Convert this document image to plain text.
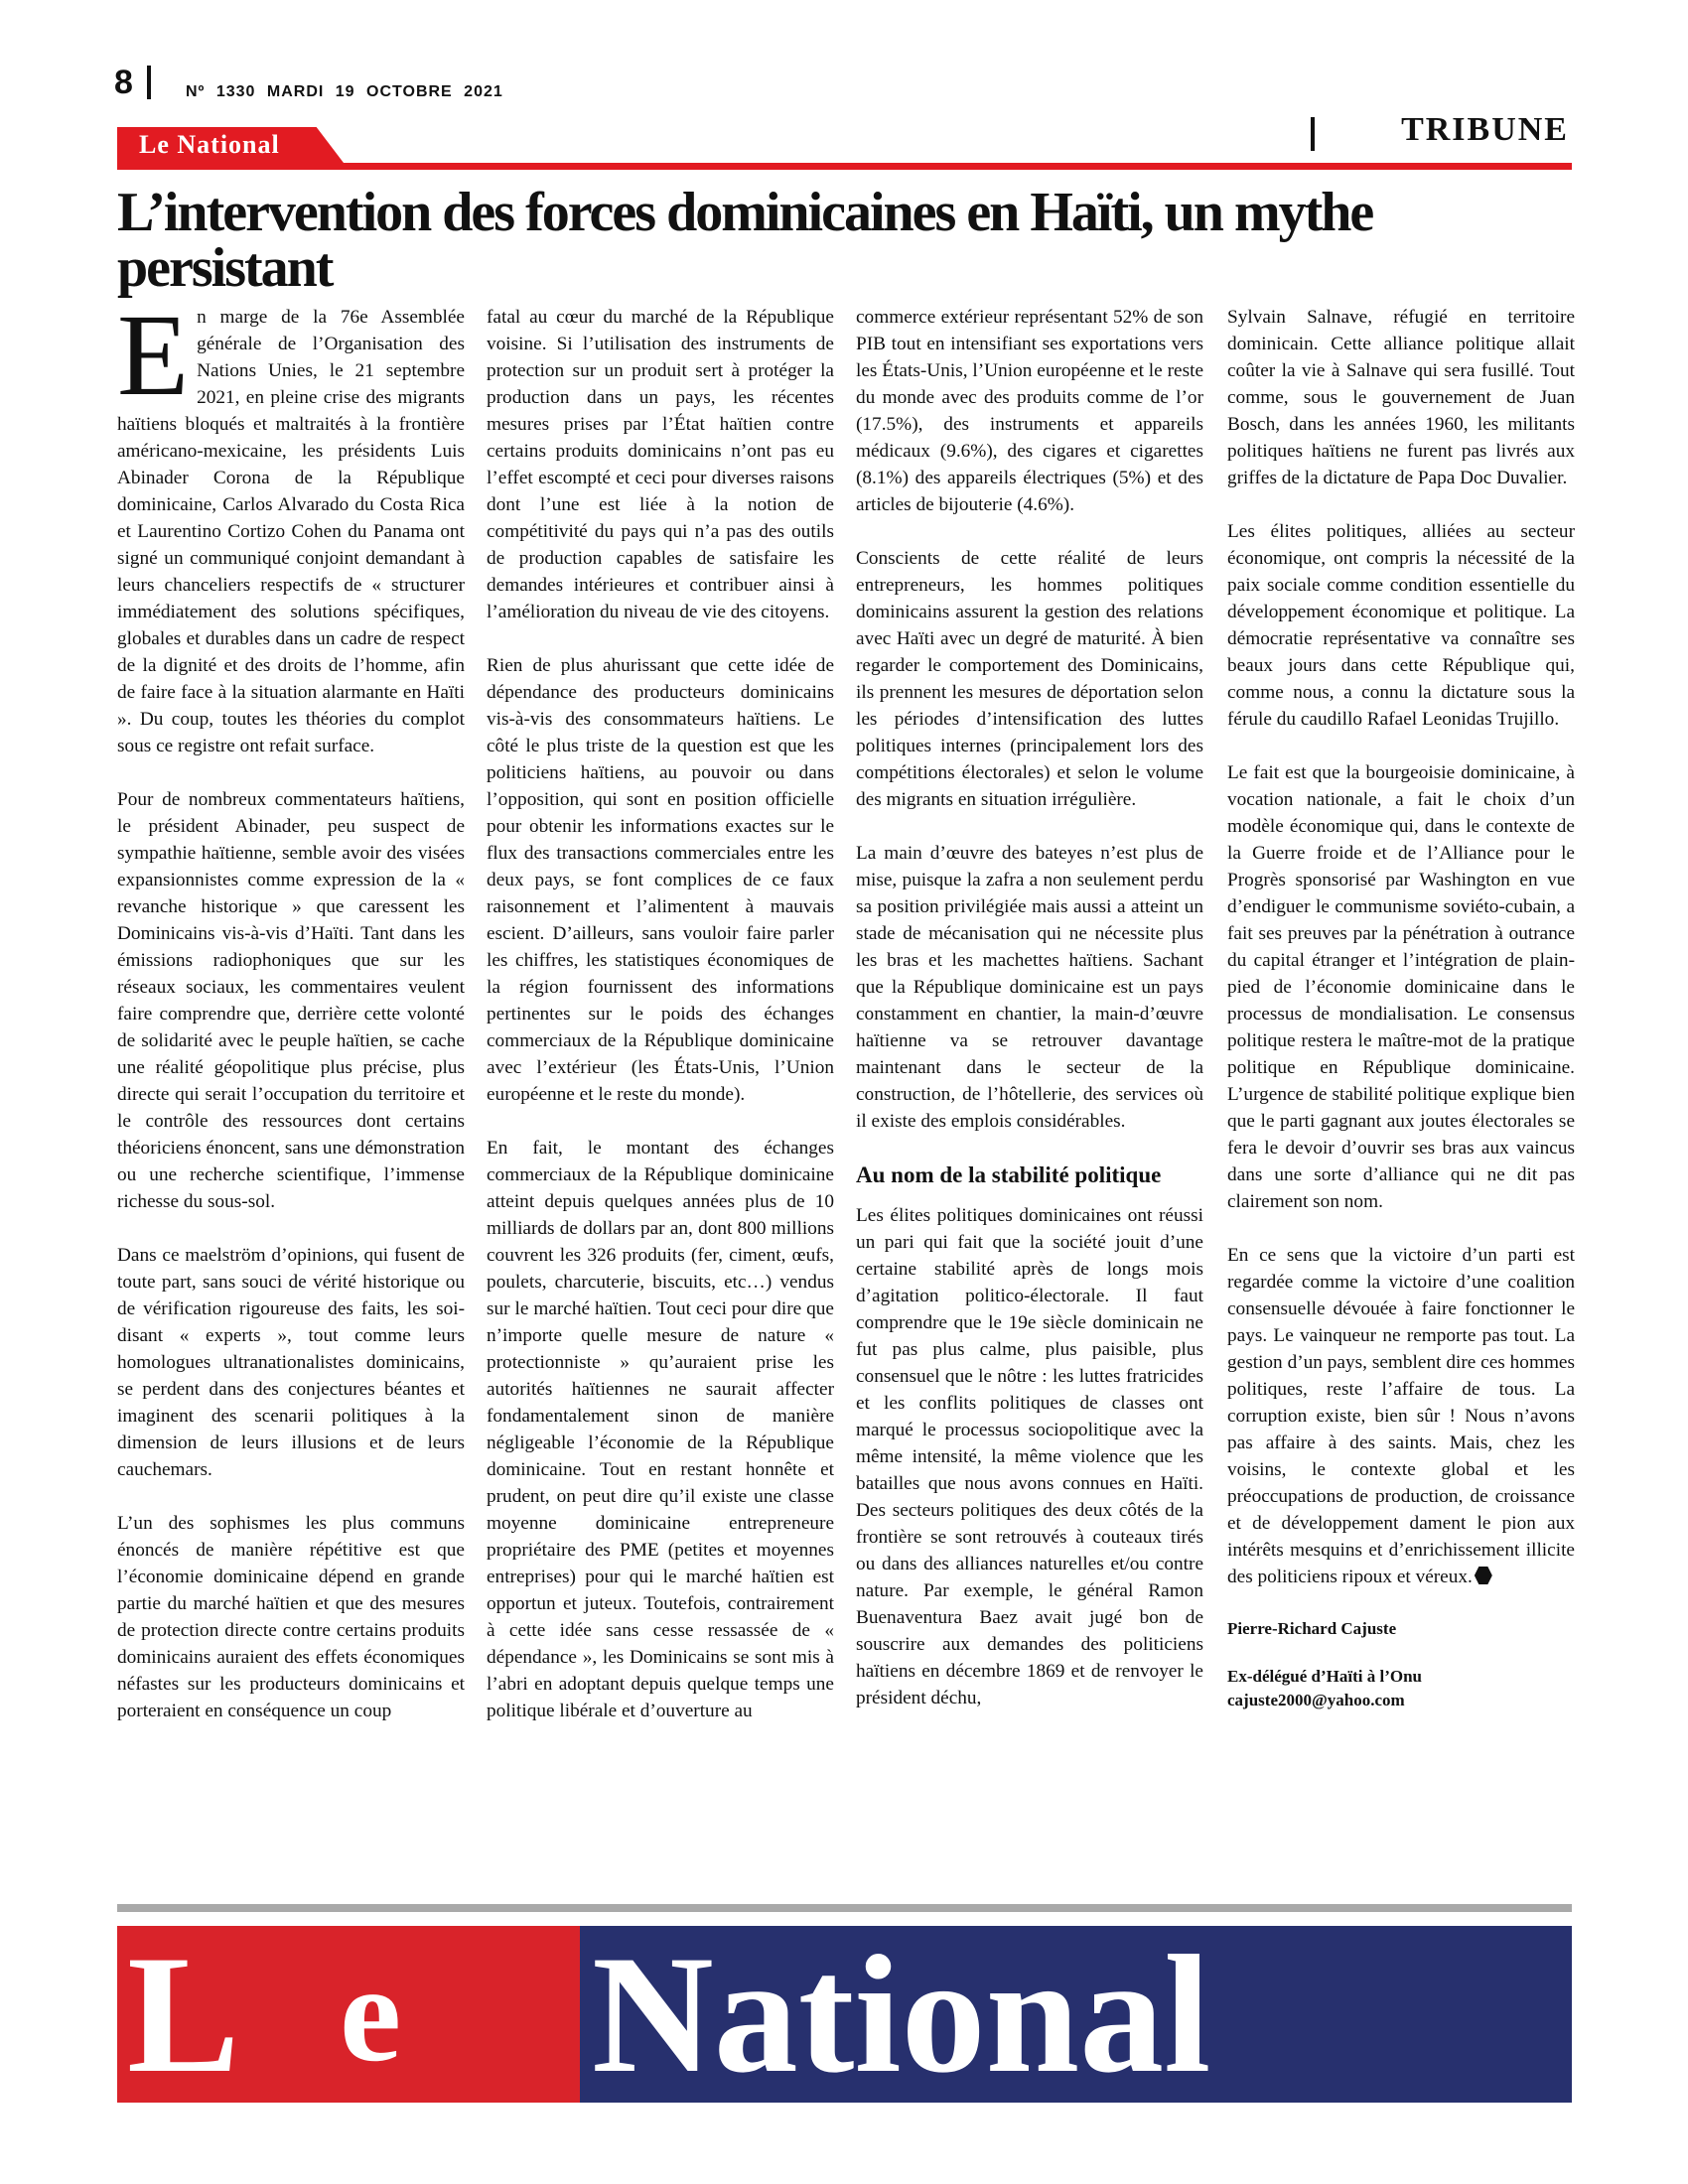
8	Nº 1330 MARDI 19 OCTOBRE 2021
Le National	TRIBUNE
L’intervention des forces dominicaines en Haïti, un mythe persistant

En marge de la 76e Assemblée générale de l’Organisation des Nations Unies, le 21 septembre 2021, en pleine crise des migrants haïtiens bloqués et maltraités à la frontière américano-mexicaine, les présidents Luis Abinader Corona de la République dominicaine, Carlos Alvarado du Costa Rica et Laurentino Cortizo Cohen du Panama ont signé un communiqué conjoint demandant à leurs chanceliers respectifs de « structurer immédiatement des solutions spécifiques, globales et durables dans un cadre de respect de la dignité et des droits de l’homme, afin de faire face à la situation alarmante en Haïti ». Du coup, toutes les théories du complot sous ce registre ont refait surface.

Pour de nombreux commentateurs haïtiens, le président Abinader, peu suspect de sympathie haïtienne, semble avoir des visées expansionnistes comme expression de la « revanche historique » que caressent les Dominicains vis-à-vis d’Haïti. Tant dans les émissions radiophoniques que sur les réseaux sociaux, les commentaires veulent faire comprendre que, derrière cette volonté de solidarité avec le peuple haïtien, se cache une réalité géopolitique plus précise, plus directe qui serait l’occupation du territoire et le contrôle des ressources dont certains théoriciens énoncent, sans une démonstration ou une recherche scientifique, l’immense richesse du sous-sol.

Dans ce maelström d’opinions, qui fusent de toute part, sans souci de vérité historique ou de vérification rigoureuse des faits, les soi-disant « experts », tout comme leurs homologues ultranationalistes dominicains, se perdent dans des conjectures béantes et imaginent des scenarii politiques à la dimension de leurs illusions et de leurs cauchemars.

L’un des sophismes les plus communs énoncés de manière répétitive est que l’économie dominicaine dépend en grande partie du marché haïtien et que des mesures de protection directe contre certains produits dominicains auraient des effets économiques néfastes sur les producteurs dominicains et porteraient en conséquence un coup

fatal au cœur du marché de la République voisine. Si l’utilisation des instruments de protection sur un produit sert à protéger la production dans un pays, les récentes mesures prises par l’État haïtien contre certains produits dominicains n’ont pas eu l’effet escompté et ceci pour diverses raisons dont l’une est liée à la notion de compétitivité du pays qui n’a pas des outils de production capables de satisfaire les demandes intérieures et contribuer ainsi à l’amélioration du niveau de vie des citoyens.

Rien de plus ahurissant que cette idée de dépendance des producteurs dominicains vis-à-vis des consommateurs haïtiens. Le côté le plus triste de la question est que les politiciens haïtiens, au pouvoir ou dans l’opposition, qui sont en position officielle pour obtenir les informations exactes sur le flux des transactions commerciales entre les deux pays, se font complices de ce faux raisonnement et l’alimentent à mauvais escient. D’ailleurs, sans vouloir faire parler les chiffres, les statistiques économiques de la région fournissent des informations pertinentes sur le poids des échanges commerciaux de la République dominicaine avec l’extérieur (les États-Unis, l’Union européenne et le reste du monde).

En fait, le montant des échanges commerciaux de la République dominicaine atteint depuis quelques années plus de 10 milliards de dollars par an, dont 800 millions couvrent les 326 produits (fer, ciment, œufs, poulets, charcuterie, biscuits, etc…) vendus sur le marché haïtien. Tout ceci pour dire que n’importe quelle mesure de nature « protectionniste » qu’auraient prise les autorités haïtiennes ne saurait affecter fondamentalement sinon de manière négligeable l’économie de la République dominicaine. Tout en restant honnête et prudent, on peut dire qu’il existe une classe moyenne dominicaine entrepreneure propriétaire des PME (petites et moyennes entreprises) pour qui le marché haïtien est opportun et juteux. Toutefois, contrairement à cette idée sans cesse ressassée de « dépendance », les Dominicains se sont mis à l’abri en adoptant depuis quelque temps une politique libérale et d’ouverture au

commerce extérieur représentant 52% de son PIB tout en intensifiant ses exportations vers les États-Unis, l’Union européenne et le reste du monde avec des produits comme de l’or (17.5%), des instruments et appareils médicaux (9.6%), des cigares et cigarettes (8.1%) des appareils électriques (5%) et des articles de bijouterie (4.6%).

Conscients de cette réalité de leurs entrepreneurs, les hommes politiques dominicains assurent la gestion des relations avec Haïti avec un degré de maturité. À bien regarder le comportement des Dominicains, ils prennent les mesures de déportation selon les périodes d’intensification des luttes politiques internes (principalement lors des compétitions électorales) et selon le volume des migrants en situation irrégulière.

La main d’œuvre des bateyes n’est plus de mise, puisque la zafra a non seulement perdu sa position privilégiée mais aussi a atteint un stade de mécanisation qui ne nécessite plus les bras et les machettes haïtiens. Sachant que la République dominicaine est un pays constamment en chantier, la main-d’œuvre haïtienne va se retrouver davantage maintenant dans le secteur de la construction, de l’hôtellerie, des services où il existe des emplois considérables.

Au nom de la stabilité politique

Les élites politiques dominicaines ont réussi un pari qui fait que la société jouit d’une certaine stabilité après de longs mois d’agitation politico-électorale. Il faut comprendre que le 19e siècle dominicain ne fut pas plus calme, plus paisible, plus consensuel que le nôtre : les luttes fratricides et les conflits politiques de classes ont marqué le processus sociopolitique avec la même intensité, la même violence que les batailles que nous avons connues en Haïti. Des secteurs politiques des deux côtés de la frontière se sont retrouvés à couteaux tirés ou dans des alliances naturelles et/ou contre nature. Par exemple, le général Ramon Buenaventura Baez avait jugé bon de souscrire aux demandes des politiciens haïtiens en décembre 1869 et de renvoyer le président déchu,

Sylvain Salnave, réfugié en territoire dominicain. Cette alliance politique allait coûter la vie à Salnave qui sera fusillé. Tout comme, sous le gouvernement de Juan Bosch, dans les années 1960, les militants politiques haïtiens ne furent pas livrés aux griffes de la dictature de Papa Doc Duvalier.

Les élites politiques, alliées au secteur économique, ont compris la nécessité de la paix sociale comme condition essentielle du développement économique et politique. La démocratie représentative va connaître ses beaux jours dans cette République qui, comme nous, a connu la dictature sous la férule du caudillo Rafael Leonidas Trujillo.

Le fait est que la bourgeoisie dominicaine, à vocation nationale, a fait le choix d’un modèle économique qui, dans le contexte de la Guerre froide et de l’Alliance pour le Progrès sponsorisé par Washington en vue d’endiguer le communisme soviéto-cubain, a fait ses preuves par la pénétration à outrance du capital étranger et l’intégration de plain-pied de l’économie dominicaine dans le processus de mondialisation. Le consensus politique restera le maître-mot de la pratique politique en République dominicaine. L’urgence de stabilité politique explique bien que le parti gagnant aux joutes électorales se fera le devoir d’ouvrir ses bras aux vaincus dans une sorte d’alliance qui ne dit pas clairement son nom.

En ce sens que la victoire d’un parti est regardée comme la victoire d’une coalition consensuelle dévouée à faire fonctionner le pays. Le vainqueur ne remporte pas tout. La gestion d’un pays, semblent dire ces hommes politiques, reste l’affaire de tous. La corruption existe, bien sûr ! Nous n’avons pas affaire à des saints. Mais, chez les voisins, le contexte global et les préoccupations de production, de croissance et de développement dament le pion aux intérêts mesquins et d’enrichissement illicite des politiciens ripoux et véreux.

Pierre-Richard Cajuste
Ex-délégué d’Haïti à l’Onu
cajuste2000@yahoo.com
L e National
